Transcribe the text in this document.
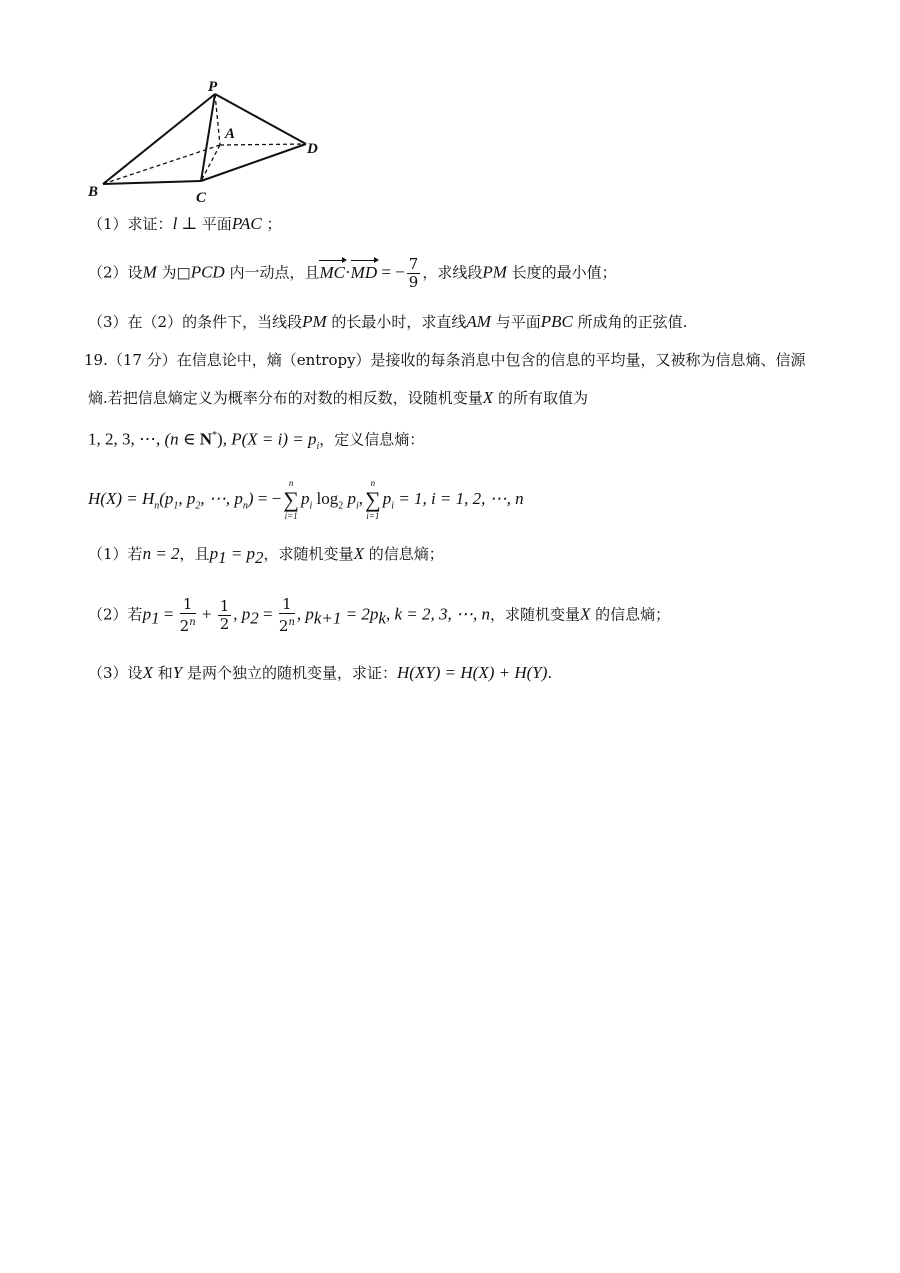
P
A
D
B	C
（1）求证：l ⊥ 平面PAC ；
（2）设M 为□PCD 内一动点，且MC·MD = − $\frac{7}{9}$ ，求线段PM 长度的最小值；
（3）在（2）的条件下，当线段PM 的长最小时，求直线AM 与平面PBC 所成角的正弦值.
19.（17 分）在信息论中，熵（entropy）是接收的每条消息中包含的信息的平均量，又被称为信息熵、信源
熵.若把信息熵定义为概率分布的对数的相反数，设随机变量X 的所有取值为
1, 2, 3, ⋯, (n ∈ N*), $P(X = i) = p_i$，定义信息熵：
$H(X) = H_n(p_1$, $p_2$, ⋯, $p_n$) = −
n
∑
i=1
$p_i$ $\log_2 p_i$,
n
∑
i=1
$p_i = 1$, i = 1, 2, ⋯, n
（1）若n = 2，且$p_1 = p_2$，求随机变量X 的信息熵；
（2）若$p_1 = \frac{1}{2^n} + \frac{1}{2}$ , $p_2 = \frac{1}{2^n}$ , $p_{k+1} = 2p_k$, k = 2, 3, ⋯, n，求随机变量X 的信息熵；
（3）设X 和Y 是两个独立的随机变量，求证：H(XY) = H(X) + H(Y).
